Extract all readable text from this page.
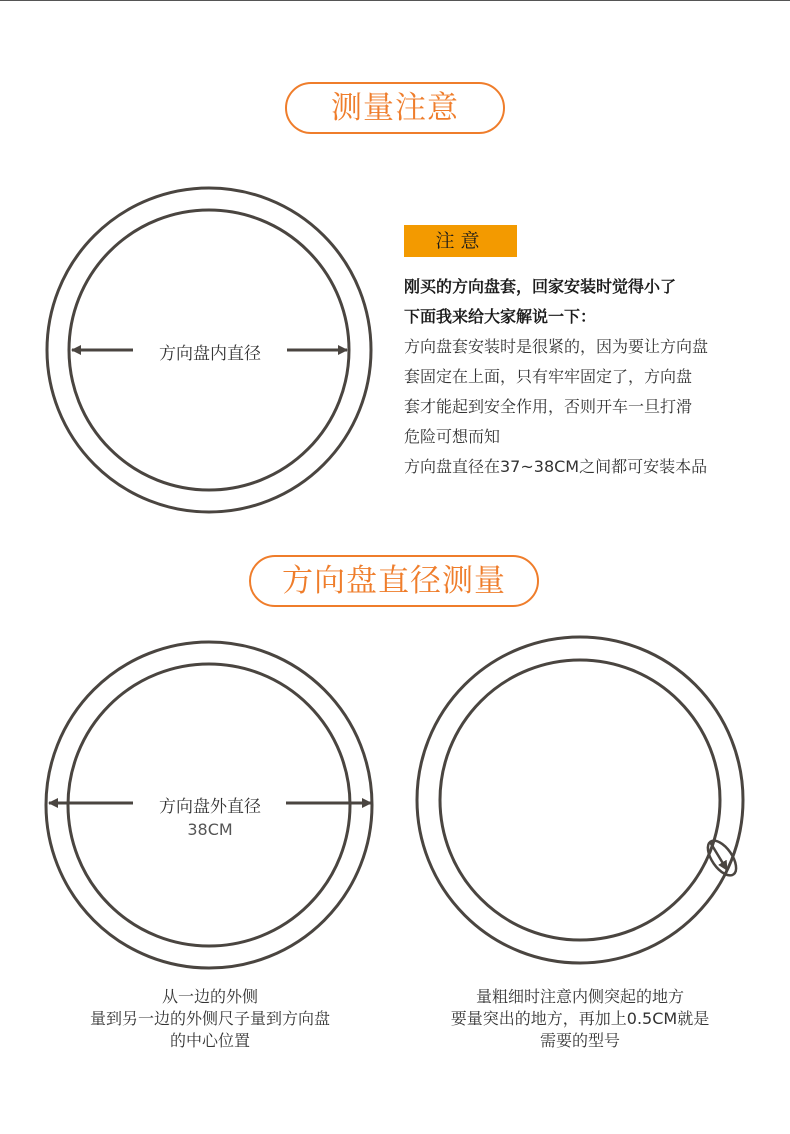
测量注意
方向盘内直径
注意
刚买的方向盘套，回家安装时觉得小了
下面我来给大家解说一下：
方向盘套安装时是很紧的，因为要让方向盘
套固定在上面，只有牢牢固定了，方向盘
套才能起到安全作用，否则开车一旦打滑
危险可想而知
方向盘直径在37~38CM之间都可安装本品
方向盘直径测量
方向盘外直径
38CM
从一边的外侧
量到另一边的外侧尺子量到方向盘
的中心位置
量粗细时注意内侧突起的地方
要量突出的地方，再加上0.5CM就是
需要的型号
